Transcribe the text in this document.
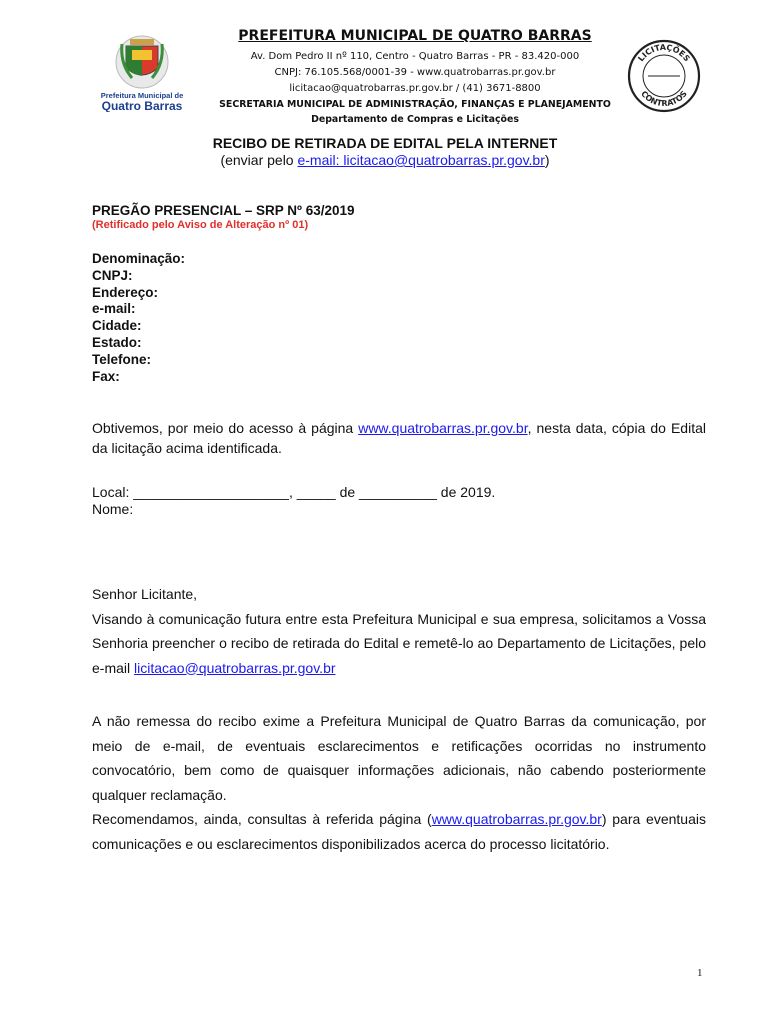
Prefeitura Municipal de
Quatro Barras
PREFEITURA MUNICIPAL DE QUATRO BARRAS
Av. Dom Pedro II nº 110, Centro - Quatro Barras - PR - 83.420-000
CNPJ: 76.105.568/0001-39 - www.quatrobarras.pr.gov.br
licitacao@quatrobarras.pr.gov.br / (41) 3671-8800
SECRETARIA MUNICIPAL DE ADMINISTRAÇÃO, FINANÇAS E PLANEJAMENTO
Departamento de Compras e Licitações
LICITAÇÕES
CONTRATOS
RECIBO DE RETIRADA DE EDITAL PELA INTERNET
(enviar pelo e-mail: licitacao@quatrobarras.pr.gov.br)
PREGÃO PRESENCIAL – SRP Nº 63/2019
(Retificado pelo Aviso de Alteração nº 01)
Denominação:
CNPJ:
Endereço:
e-mail:
Cidade:
Estado:
Telefone:
Fax:
Obtivemos, por meio do acesso à página www.quatrobarras.pr.gov.br, nesta data, cópia do Edital da licitação acima identificada.
Local: ____________________, _____ de __________ de 2019.
Nome:
Senhor Licitante,
Visando à comunicação futura entre esta Prefeitura Municipal e sua empresa, solicitamos a Vossa Senhoria preencher o recibo de retirada do Edital e remetê-lo ao Departamento de Licitações, pelo e-mail licitacao@quatrobarras.pr.gov.br
A não remessa do recibo exime a Prefeitura Municipal de Quatro Barras da comunicação, por meio de e-mail, de eventuais esclarecimentos e retificações ocorridas no instrumento convocatório, bem como de quaisquer informações adicionais, não cabendo posteriormente qualquer reclamação.
Recomendamos, ainda, consultas à referida página (www.quatrobarras.pr.gov.br) para eventuais comunicações e ou esclarecimentos disponibilizados acerca do processo licitatório.
1
